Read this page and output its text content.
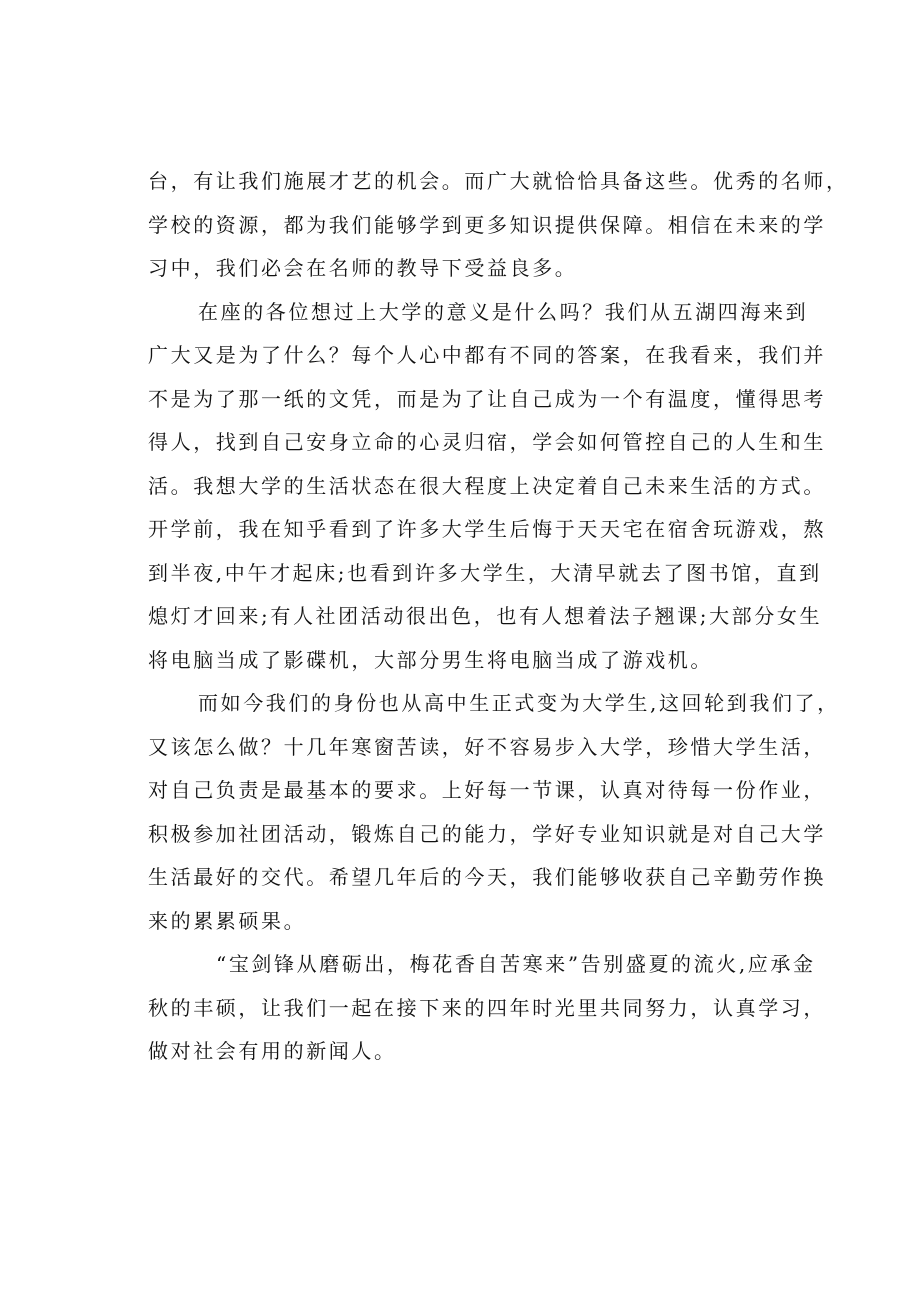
台，有让我们施展才艺的机会。而广大就恰恰具备这些。优秀的名师，
学校的资源，都为我们能够学到更多知识提供保障。相信在未来的学
习中，我们必会在名师的教导下受益良多。
在座的各位想过上大学的意义是什么吗？我们从五湖四海来到
广大又是为了什么？每个人心中都有不同的答案，在我看来，我们并
不是为了那一纸的文凭，而是为了让自己成为一个有温度，懂得思考
得人，找到自己安身立命的心灵归宿，学会如何管控自己的人生和生
活。我想大学的生活状态在很大程度上决定着自己未来生活的方式。
开学前，我在知乎看到了许多大学生后悔于天天宅在宿舍玩游戏，熬
到半夜,中午才起床;也看到许多大学生，大清早就去了图书馆，直到
熄灯才回来;有人社团活动很出色，也有人想着法子翘课;大部分女生
将电脑当成了影碟机，大部分男生将电脑当成了游戏机。
而如今我们的身份也从高中生正式变为大学生,这回轮到我们了，
又该怎么做？十几年寒窗苦读，好不容易步入大学，珍惜大学生活，
对自己负责是最基本的要求。上好每一节课，认真对待每一份作业，
积极参加社团活动，锻炼自己的能力，学好专业知识就是对自己大学
生活最好的交代。希望几年后的今天，我们能够收获自己辛勤劳作换
来的累累硕果。
“宝剑锋从磨砺出，梅花香自苦寒来”告别盛夏的流火,应承金
秋的丰硕，让我们一起在接下来的四年时光里共同努力，认真学习，
做对社会有用的新闻人。
